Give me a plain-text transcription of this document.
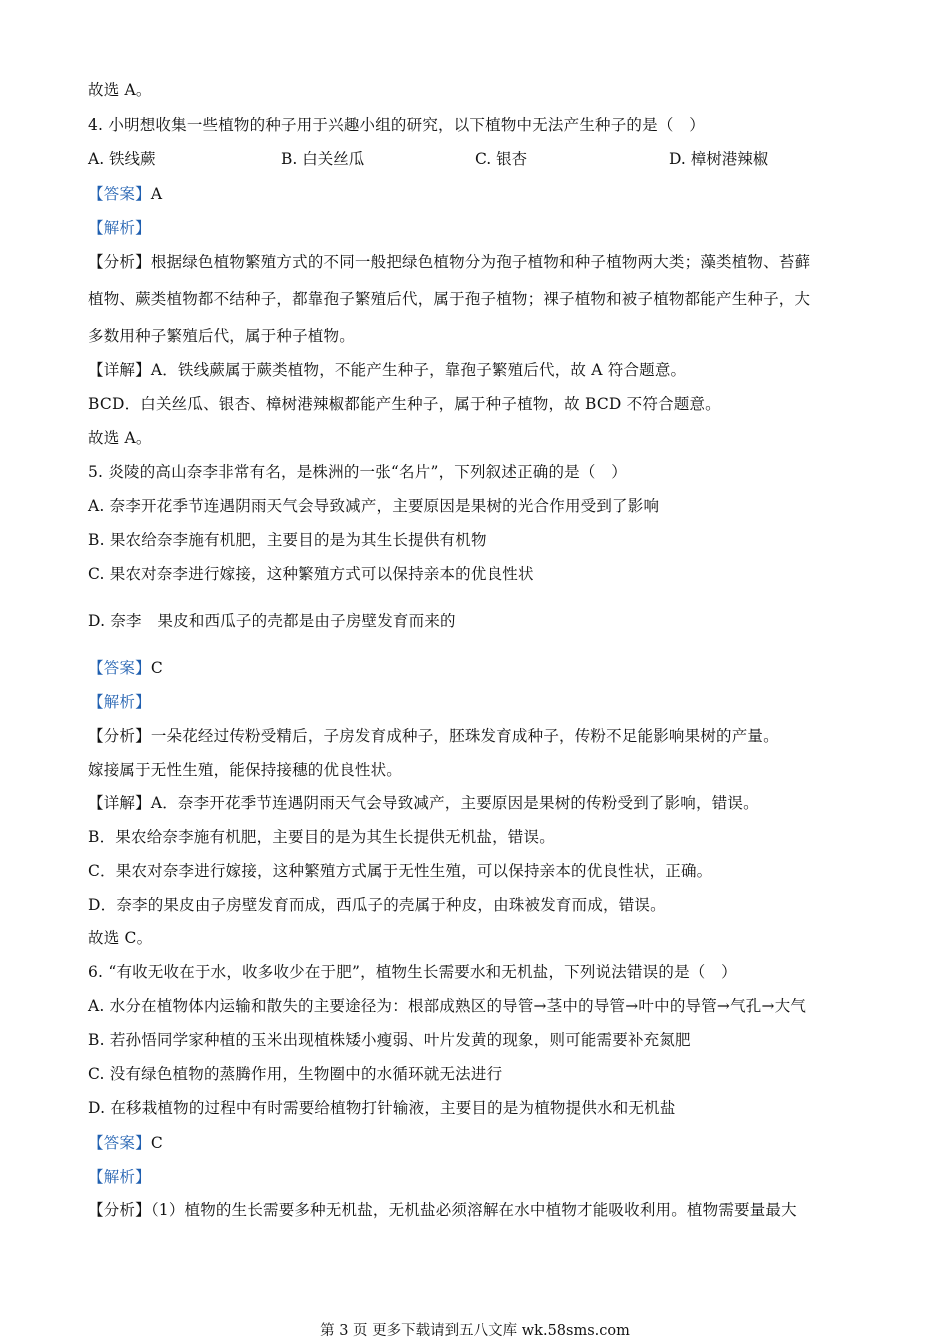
故选 A。
4. 小明想收集一些植物的种子用于兴趣小组的研究，以下植物中无法产生种子的是（　）
A. 铁线蕨	B. 白关丝瓜	C. 银杏	D. 樟树港辣椒
【答案】A
【解析】
【分析】根据绿色植物繁殖方式的不同一般把绿色植物分为孢子植物和种子植物两大类；藻类植物、苔藓
植物、蕨类植物都不结种子，都靠孢子繁殖后代，属于孢子植物；裸子植物和被子植物都能产生种子，大
多数用种子繁殖后代，属于种子植物。
【详解】A．铁线蕨属于蕨类植物，不能产生种子，靠孢子繁殖后代，故 A 符合题意。
BCD．白关丝瓜、银杏、樟树港辣椒都能产生种子，属于种子植物，故 BCD 不符合题意。
故选 A。
5. 炎陵的高山奈李非常有名，是株洲的一张“名片”，下列叙述正确的是（　）
A. 奈李开花季节连遇阴雨天气会导致减产，主要原因是果树的光合作用受到了影响
B. 果农给奈李施有机肥，主要目的是为其生长提供有机物
C. 果农对奈李进行嫁接，这种繁殖方式可以保持亲本的优良性状
D. 奈李　果皮和西瓜子的壳都是由子房壁发育而来的
【答案】C
【解析】
【分析】一朵花经过传粉受精后，子房发育成种子，胚珠发育成种子，传粉不足能影响果树的产量。
嫁接属于无性生殖，能保持接穗的优良性状。
【详解】A．奈李开花季节连遇阴雨天气会导致减产，主要原因是果树的传粉受到了影响，错误。
B．果农给奈李施有机肥，主要目的是为其生长提供无机盐，错误。
C．果农对奈李进行嫁接，这种繁殖方式属于无性生殖，可以保持亲本的优良性状，正确。
D．奈李的果皮由子房壁发育而成，西瓜子的壳属于种皮，由珠被发育而成，错误。
故选 C。
6. “有收无收在于水，收多收少在于肥”，植物生长需要水和无机盐，下列说法错误的是（　）
A. 水分在植物体内运输和散失的主要途径为：根部成熟区的导管→茎中的导管→叶中的导管→气孔→大气
B. 若孙悟同学家种植的玉米出现植株矮小瘦弱、叶片发黄的现象，则可能需要补充氮肥
C. 没有绿色植物的蒸腾作用，生物圈中的水循环就无法进行
D. 在移栽植物的过程中有时需要给植物打针输液，主要目的是为植物提供水和无机盐
【答案】C
【解析】
【分析】（1）植物的生长需要多种无机盐，无机盐必须溶解在水中植物才能吸收利用。植物需要量最大
第 3 页 更多下载请到五八文库 wk.58sms.com
